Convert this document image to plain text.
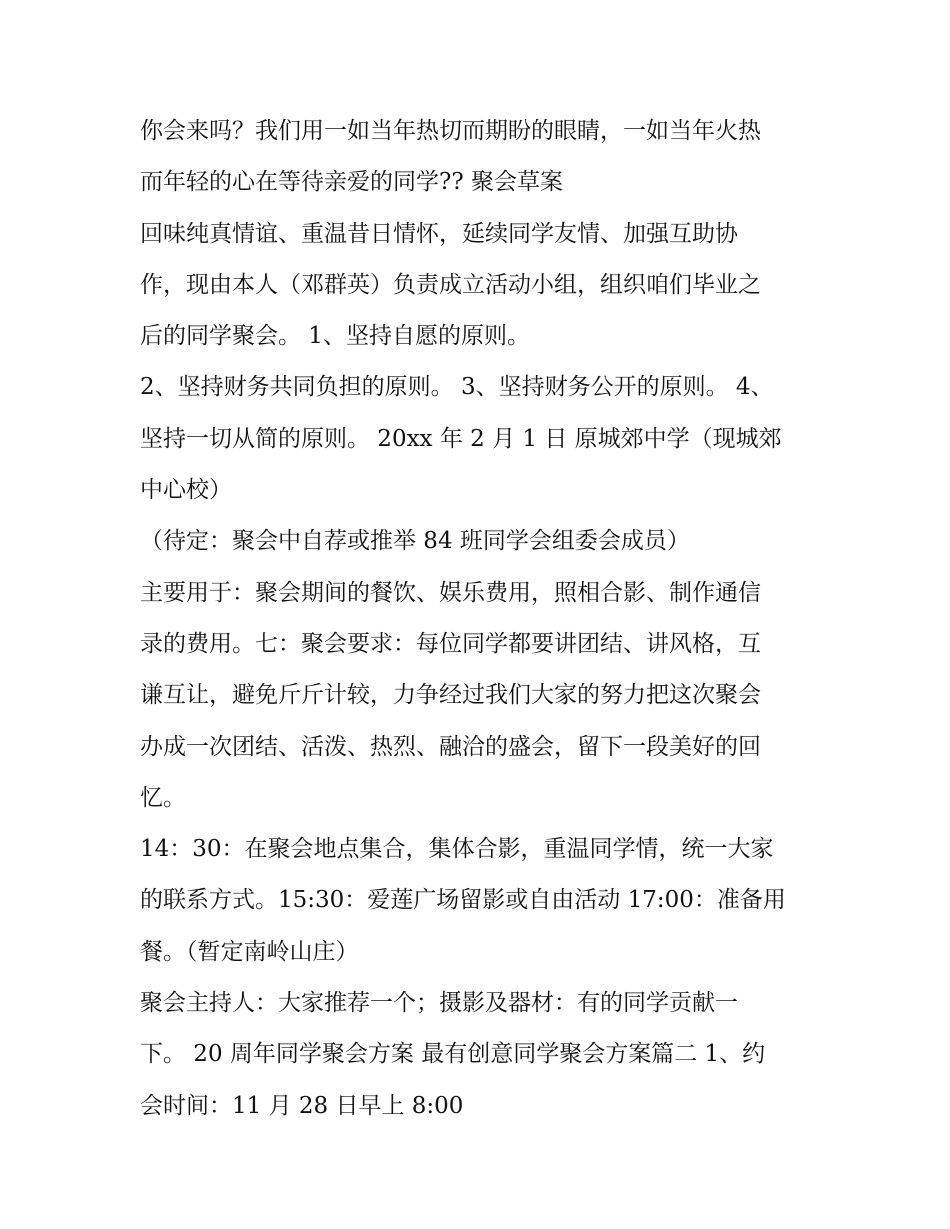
你会来吗？我们用一如当年热切而期盼的眼睛，一如当年火热
而年轻的心在等待亲爱的同学?? 聚会草案
回味纯真情谊、重温昔日情怀，延续同学友情、加强互助协
作，现由本人（邓群英）负责成立活动小组，组织咱们毕业之
后的同学聚会。 1、坚持自愿的原则。
2、坚持财务共同负担的原则。 3、坚持财务公开的原则。 4、
坚持一切从简的原则。 20xx 年 2 月 1 日 原城郊中学（现城郊
中心校）
（待定：聚会中自荐或推举 84 班同学会组委会成员）
主要用于：聚会期间的餐饮、娱乐费用，照相合影、制作通信
录的费用。七：聚会要求：每位同学都要讲团结、讲风格，互
谦互让，避免斤斤计较，力争经过我们大家的努力把这次聚会
办成一次团结、活泼、热烈、融洽的盛会，留下一段美好的回
忆。
14：30：在聚会地点集合，集体合影，重温同学情，统一大家
的联系方式。15:30：爱莲广场留影或自由活动 17:00：准备用
餐。（暂定南岭山庄）
聚会主持人：大家推荐一个；摄影及器材：有的同学贡献一
下。 20 周年同学聚会方案 最有创意同学聚会方案篇二 1、约
会时间：11 月 28 日早上 8:00
